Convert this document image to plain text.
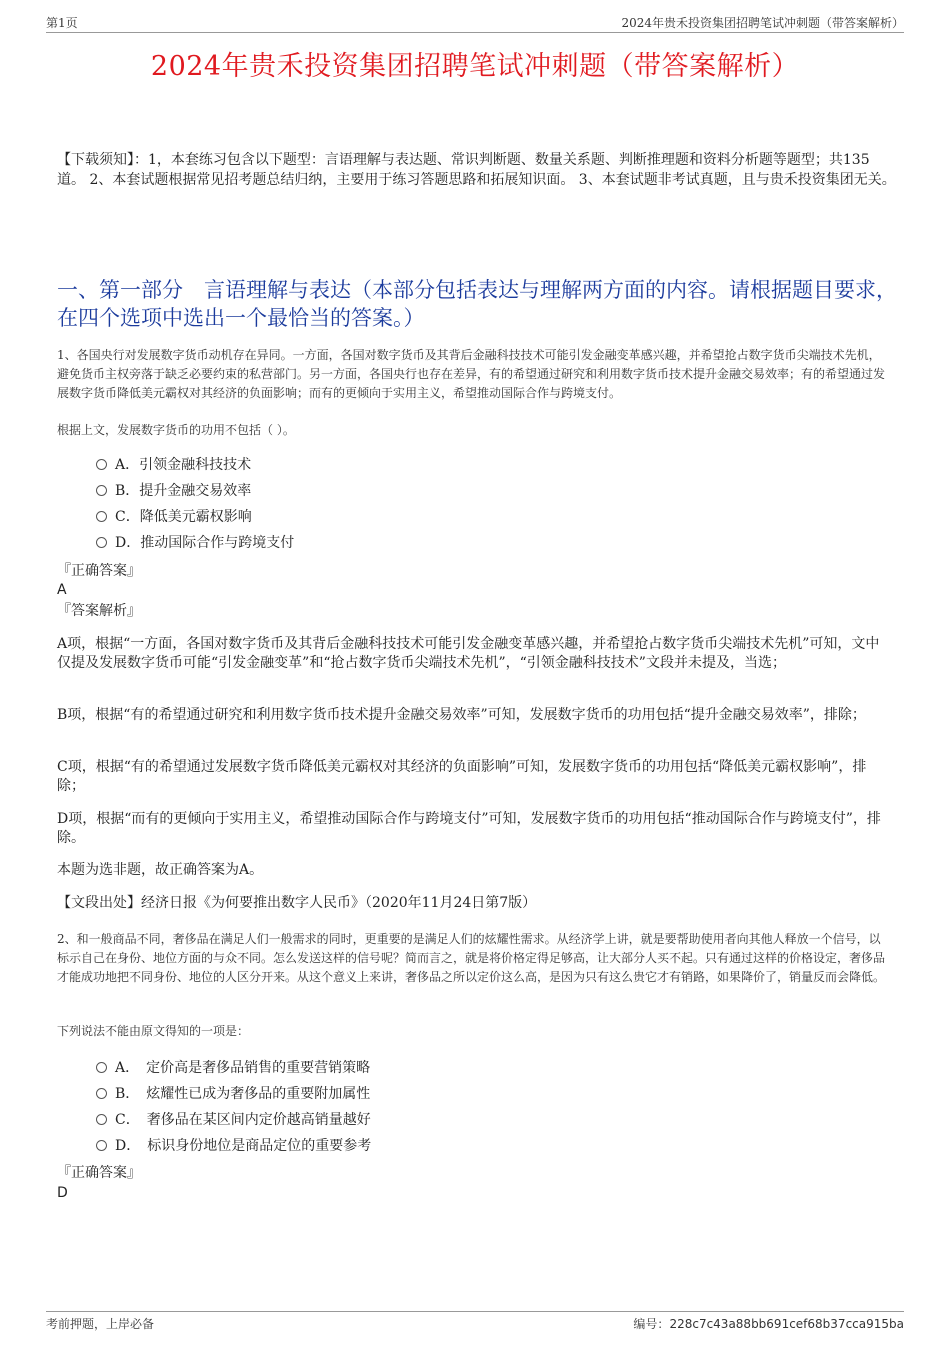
第1页	2024年贵禾投资集团招聘笔试冲刺题（带答案解析）
2024年贵禾投资集团招聘笔试冲刺题（带答案解析）
【下载须知】：1，本套练习包含以下题型：言语理解与表达题、常识判断题、数量关系题、判断推理题和资料分析题等题型；共135道。 2、本套试题根据常见招考题总结归纳，主要用于练习答题思路和拓展知识面。 3、本套试题非考试真题，且与贵禾投资集团无关。
一、第一部分　言语理解与表达（本部分包括表达与理解两方面的内容。请根据题目要求，在四个选项中选出一个最恰当的答案。）
1、各国央行对发展数字货币动机存在异同。一方面，各国对数字货币及其背后金融科技技术可能引发金融变革感兴趣，并希望抢占数字货币尖端技术先机，避免货币主权旁落于缺乏必要约束的私营部门。另一方面，各国央行也存在差异，有的希望通过研究和利用数字货币技术提升金融交易效率；有的希望通过发展数字货币降低美元霸权对其经济的负面影响；而有的更倾向于实用主义，希望推动国际合作与跨境支付。
根据上文，发展数字货币的功用不包括（ ）。
A．引领金融科技技术
B．提升金融交易效率
C．降低美元霸权影响
D．推动国际合作与跨境支付
『正确答案』
A
『答案解析』
A项，根据“一方面，各国对数字货币及其背后金融科技技术可能引发金融变革感兴趣，并希望抢占数字货币尖端技术先机”可知，文中仅提及发展数字货币可能“引发金融变革”和“抢占数字货币尖端技术先机”，“引领金融科技技术”文段并未提及，当选；
B项，根据“有的希望通过研究和利用数字货币技术提升金融交易效率”可知，发展数字货币的功用包括“提升金融交易效率”，排除；
C项，根据“有的希望通过发展数字货币降低美元霸权对其经济的负面影响”可知，发展数字货币的功用包括“降低美元霸权影响”，排除；
D项，根据“而有的更倾向于实用主义，希望推动国际合作与跨境支付”可知，发展数字货币的功用包括“推动国际合作与跨境支付”，排除。
本题为选非题，故正确答案为A。
【文段出处】经济日报《为何要推出数字人民币》（2020年11月24日第7版）
2、和一般商品不同，奢侈品在满足人们一般需求的同时，更重要的是满足人们的炫耀性需求。从经济学上讲，就是要帮助使用者向其他人释放一个信号，以标示自己在身份、地位方面的与众不同。怎么发送这样的信号呢？简而言之，就是将价格定得足够高，让大部分人买不起。只有通过这样的价格设定，奢侈品才能成功地把不同身份、地位的人区分开来。从这个意义上来讲，奢侈品之所以定价这么高，是因为只有这么贵它才有销路，如果降价了，销量反而会降低。
下列说法不能由原文得知的一项是：
A．　定价高是奢侈品销售的重要营销策略
B．　炫耀性已成为奢侈品的重要附加属性
C．　奢侈品在某区间内定价越高销量越好
D．　标识身份地位是商品定位的重要参考
『正确答案』
D
考前押题，上岸必备	编号：228c7c43a88bb691cef68b37cca915ba
